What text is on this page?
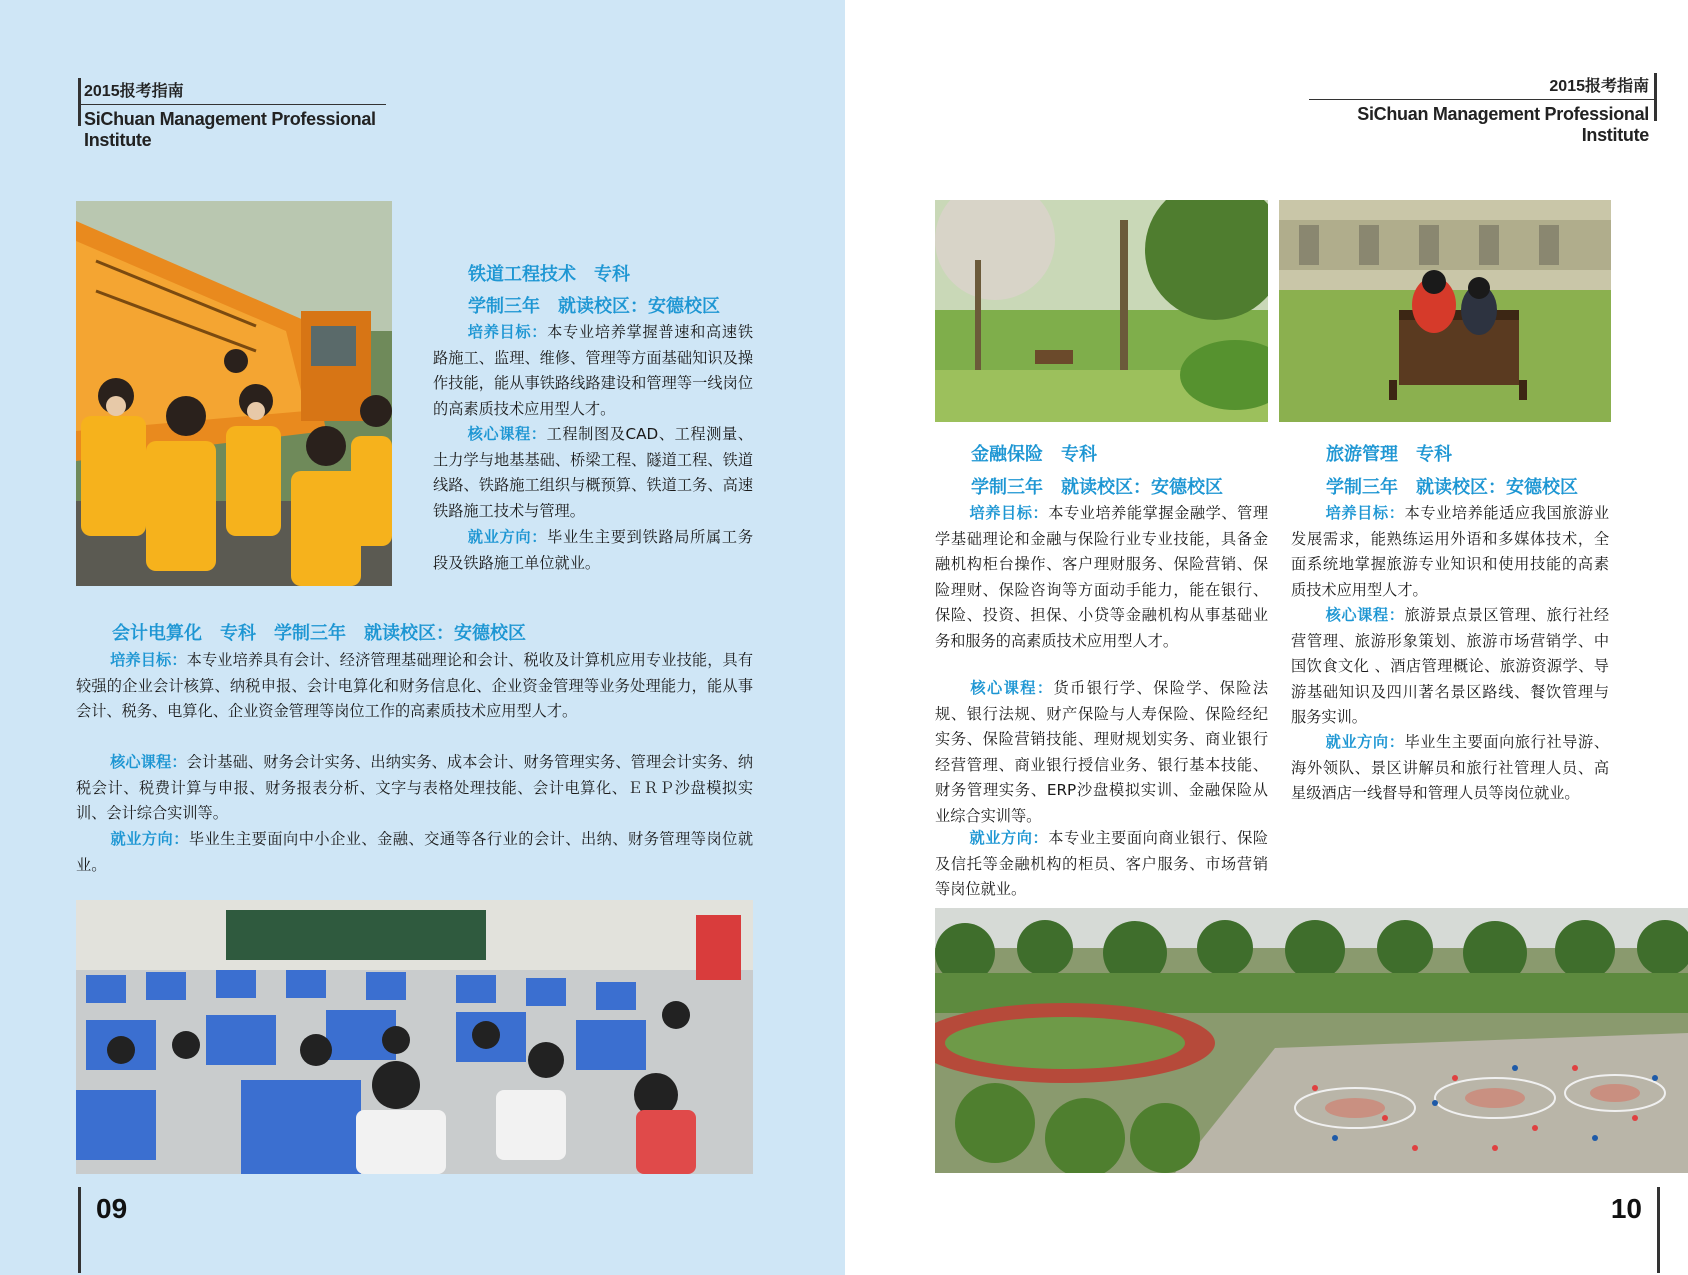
2015报考指南
SiChuan Management Professional Institute
铁道工程技术　专科
学制三年　就读校区：安德校区

培养目标：本专业培养掌握普速和高速铁路施工、监理、维修、管理等方面基础知识及操作技能，能从事铁路线路建设和管理等一线岗位的高素质技术应用型人才。

核心课程：工程制图及CAD、工程测量、土力学与地基基础、桥梁工程、隧道工程、铁道线路、铁路施工组织与概预算、铁道工务、高速铁路施工技术与管理。

就业方向：毕业生主要到铁路局所属工务段及铁路施工单位就业。

会计电算化　专科　学制三年　就读校区：安德校区

培养目标：本专业培养具有会计、经济管理基础理论和会计、税收及计算机应用专业技能，具有较强的企业会计核算、纳税申报、会计电算化和财务信息化、企业资金管理等业务处理能力，能从事会计、税务、电算化、企业资金管理等岗位工作的高素质技术应用型人才。

核心课程：会计基础、财务会计实务、出纳实务、成本会计、财务管理实务、管理会计实务、纳税会计、税费计算与申报、财务报表分析、文字与表格处理技能、会计电算化、ＥＲＰ沙盘模拟实训、会计综合实训等。

就业方向：毕业生主要面向中小企业、金融、交通等各行业的会计、出纳、财务管理等岗位就业。

09
2015报考指南
SiChuan Management Professional Institute
金融保险　专科
学制三年　就读校区：安德校区

培养目标：本专业培养能掌握金融学、管理学基础理论和金融与保险行业专业技能，具备金融机构柜台操作、客户理财服务、保险营销、保险理财、保险咨询等方面动手能力，能在银行、保险、投资、担保、小贷等金融机构从事基础业务和服务的高素质技术应用型人才。

核心课程：货币银行学、保险学、保险法规、银行法规、财产保险与人寿保险、保险经纪实务、保险营销技能、理财规划实务、商业银行经营管理、商业银行授信业务、银行基本技能、财务管理实务、ERP沙盘模拟实训、金融保险从业综合实训等。

就业方向：本专业主要面向商业银行、保险及信托等金融机构的柜员、客户服务、市场营销等岗位就业。

旅游管理　专科
学制三年　就读校区：安德校区

培养目标：本专业培养能适应我国旅游业发展需求，能熟练运用外语和多媒体技术，全面系统地掌握旅游专业知识和使用技能的高素质技术应用型人才。

核心课程：旅游景点景区管理、旅行社经营管理、旅游形象策划、旅游市场营销学、中国饮食文化 、酒店管理概论、旅游资源学、导游基础知识及四川著名景区路线、餐饮管理与服务实训。

就业方向：毕业生主要面向旅行社导游、海外领队、景区讲解员和旅行社管理人员、高星级酒店一线督导和管理人员等岗位就业。

10
